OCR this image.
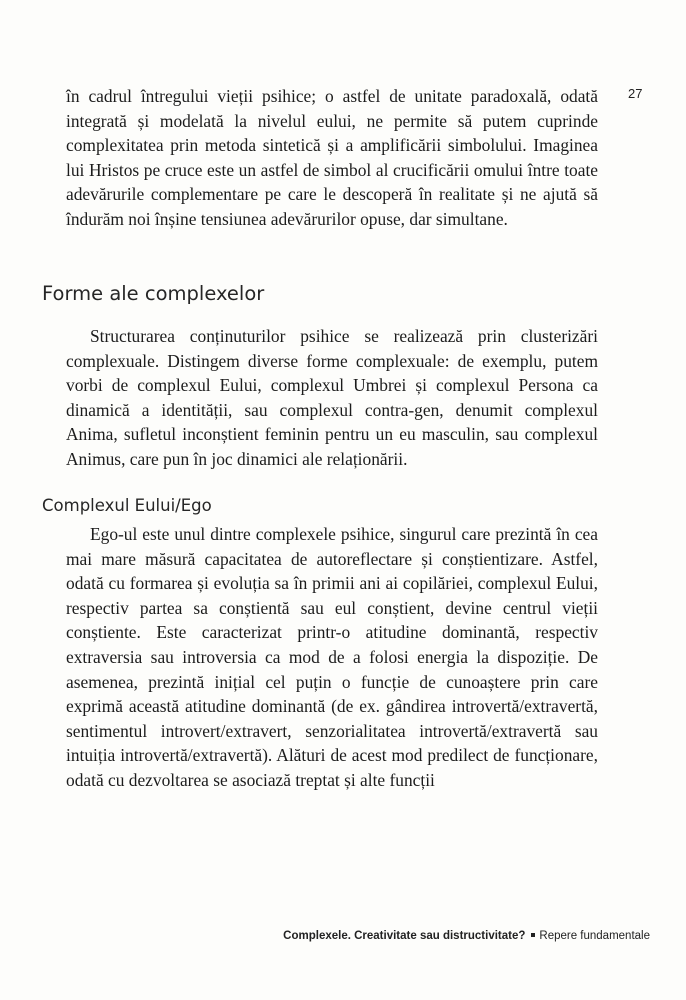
27

în cadrul întregului vieții psihice; o astfel de unitate paradoxală, odată integrată și modelată la nivelul eului, ne permite să putem cuprinde complexitatea prin metoda sintetică și a amplificării simbolului. Imaginea lui Hristos pe cruce este un astfel de simbol al crucificării omului între toate adevărurile complementare pe care le descoperă în realitate și ne ajută să îndurăm noi înșine tensiunea adevărurilor opuse, dar simultane.

Forme ale complexelor

Structurarea conținuturilor psihice se realizează prin clusterizări complexuale. Distingem diverse forme complexuale: de exemplu, putem vorbi de complexul Eului, complexul Umbrei și complexul Persona ca dinamică a identității, sau complexul contra-gen, denumit complexul Anima, sufletul inconștient feminin pentru un eu masculin, sau complexul Animus, care pun în joc dinamici ale relaționării.

Complexul Eului/Ego

Ego-ul este unul dintre complexele psihice, singurul care prezintă în cea mai mare măsură capacitatea de autoreflectare și conștientizare. Astfel, odată cu formarea și evoluția sa în primii ani ai copilăriei, complexul Eului, respectiv partea sa conștientă sau eul conștient, devine centrul vieții conștiente. Este caracterizat printr-o atitudine dominantă, respectiv extraversia sau introversia ca mod de a folosi energia la dispoziție. De asemenea, prezintă inițial cel puțin o funcție de cunoaștere prin care exprimă această atitudine dominantă (de ex. gândirea introvertă/extravertă, sentimentul introvert/extravert, senzorialitatea introvertă/extravertă sau intuiția introvertă/extravertă). Alături de acest mod predilect de funcționare, odată cu dezvoltarea se asociază treptat și alte funcții

Complexele. Creativitate sau distructivitate? Repere fundamentale
